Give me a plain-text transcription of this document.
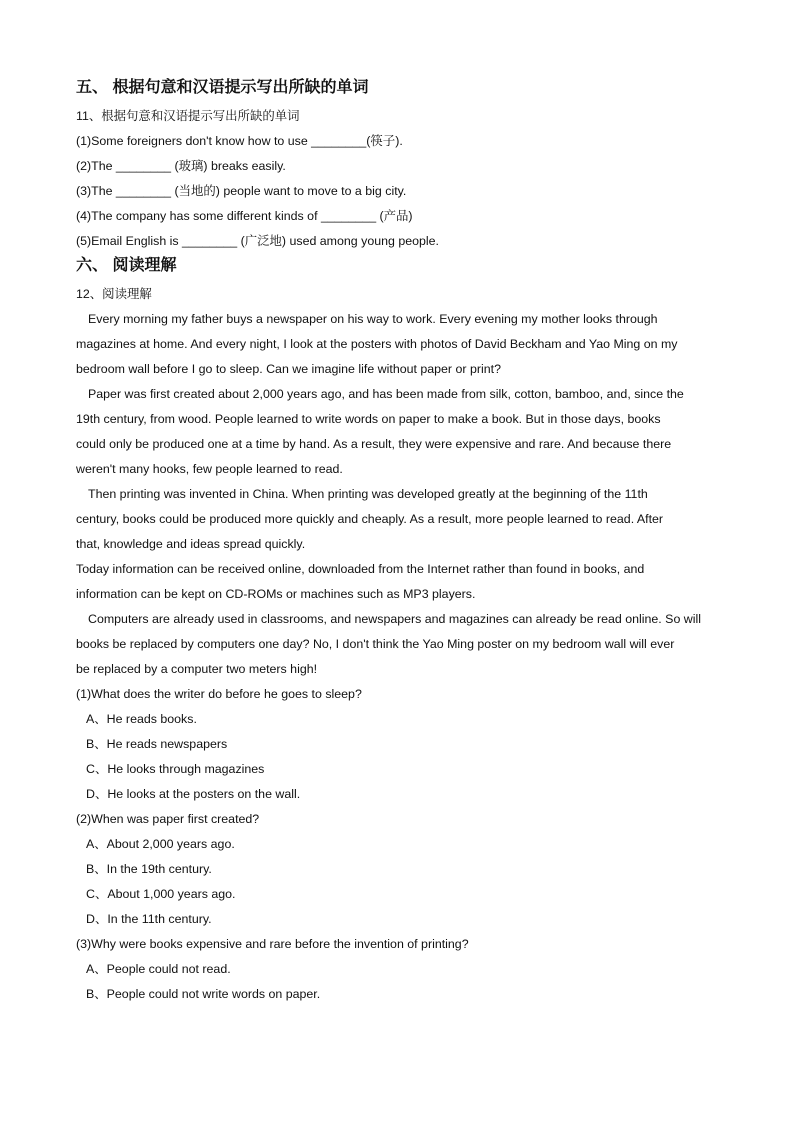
五、 根据句意和汉语提示写出所缺的单词
11、根据句意和汉语提示写出所缺的单词
(1)Some foreigners don't know how to use ________(筷子).
(2)The ________ (玻璃) breaks easily.
(3)The ________ (当地的) people want to move to a big city.
(4)The company has some different kinds of ________ (产品)
(5)Email English is ________ (广泛地) used among young people.
六、 阅读理解
12、阅读理解
Every morning my father buys a newspaper on his way to work. Every evening my mother looks through
magazines at home. And every night, I look at the posters with photos of David Beckham and Yao Ming on my
bedroom wall before I go to sleep. Can we imagine life without paper or print?
Paper was first created about 2,000 years ago, and has been made from silk, cotton, bamboo, and, since the
19th century, from wood. People learned to write words on paper to make a book. But in those days, books
could only be produced one at a time by hand. As a result, they were expensive and rare. And because there
weren't many hooks, few people learned to read.
Then printing was invented in China. When printing was developed greatly at the beginning of the 11th
century, books could be produced more quickly and cheaply. As a result, more people learned to read. After
that, knowledge and ideas spread quickly.
Today information can be received online, downloaded from the Internet rather than found in books, and
information can be kept on CD-ROMs or machines such as MP3 players.
Computers are already used in classrooms, and newspapers and magazines can already be read online. So will
books be replaced by computers one day? No, I don't think the Yao Ming poster on my bedroom wall will ever
be replaced by a computer two meters high!
(1)What does the writer do before he goes to sleep?
A、He reads books.
B、He reads newspapers
C、He looks through magazines
D、He looks at the posters on the wall.
(2)When was paper first created?
A、About 2,000 years ago.
B、In the 19th century.
C、About 1,000 years ago.
D、In the 11th century.
(3)Why were books expensive and rare before the invention of printing?
A、People could not read.
B、People could not write words on paper.
